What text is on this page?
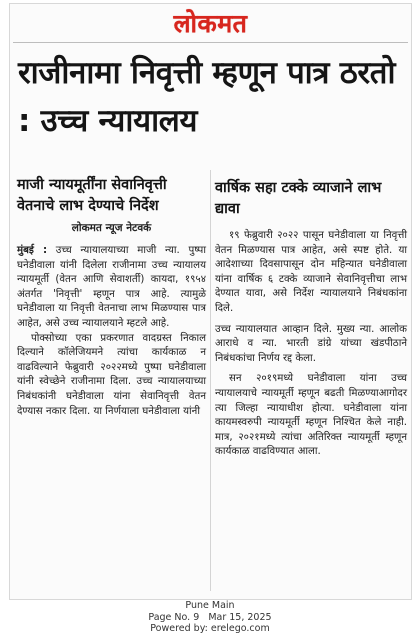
लोकमत
राजीनामा निवृत्ती म्हणून पात्र ठरतो : उच्च न्यायालय

माजी न्यायमूर्तींना सेवानिवृत्ती वेतनाचे लाभ देण्याचे निर्देश

लोकमत न्यूज नेटवर्क

मुंबई : उच्च न्यायालयाच्या माजी न्या. पुष्पा घनेडीवाला यांनी दिलेला राजीनामा उच्च न्यायालय न्यायमूर्ती (वेतन आणि सेवाशर्ती) कायदा, १९५४ अंतर्गत 'निवृत्ती' म्हणून पात्र आहे. त्यामुळे घनेडीवाला या निवृत्ती वेतनाचा लाभ मिळण्यास पात्र आहेत, असे उच्च न्यायालयाने म्हटले आहे.

पोक्सोच्या एका प्रकरणात वादग्रस्त निकाल दिल्याने कॉलेजियमने त्यांचा कार्यकाळ न वाढविल्याने फेब्रुवारी २०२२मध्ये पुष्पा घनेडीवाला यांनी स्वेच्छेने राजीनामा दिला. उच्च न्यायालयाच्या निबंधकांनी घनेडीवाला यांना सेवानिवृत्ती वेतन देण्यास नकार दिला. या निर्णयाला घनेडीवाला यांनी

वार्षिक सहा टक्के व्याजाने लाभ द्यावा

१९ फेब्रुवारी २०२२ पासून घनेडीवाला या निवृत्ती वेतन मिळण्यास पात्र आहेत, असे स्पष्ट होते. या आदेशाच्या दिवसापासून दोन महिन्यात घनेडीवाला यांना वार्षिक ६ टक्के व्याजाने सेवानिवृत्तीचा लाभ देण्यात यावा, असे निर्देश न्यायालयाने निबंधकांना दिले.

उच्च न्यायालयात आव्हान दिले. मुख्य न्या. आलोक आराधे व न्या. भारती डांग्रे यांच्या खंडपीठाने निबंधकांचा निर्णय रद्द केला.

सन २०१९मध्ये घनेडीवाला यांना उच्च न्यायालयाचे न्यायमूर्ती म्हणून बढती मिळण्याआगोदर त्या जिल्हा न्यायाधीश होत्या. घनेडीवाला यांना कायमस्वरुपी न्यायमूर्ती म्हणून निश्चित केले नाही. मात्र, २०२१मध्ये त्यांचा अतिरिक्त न्यायमूर्ती म्हणून कार्यकाळ वाढविण्यात आला.

Pune Main
Page No. 9   Mar 15, 2025
Powered by: erelego.com
